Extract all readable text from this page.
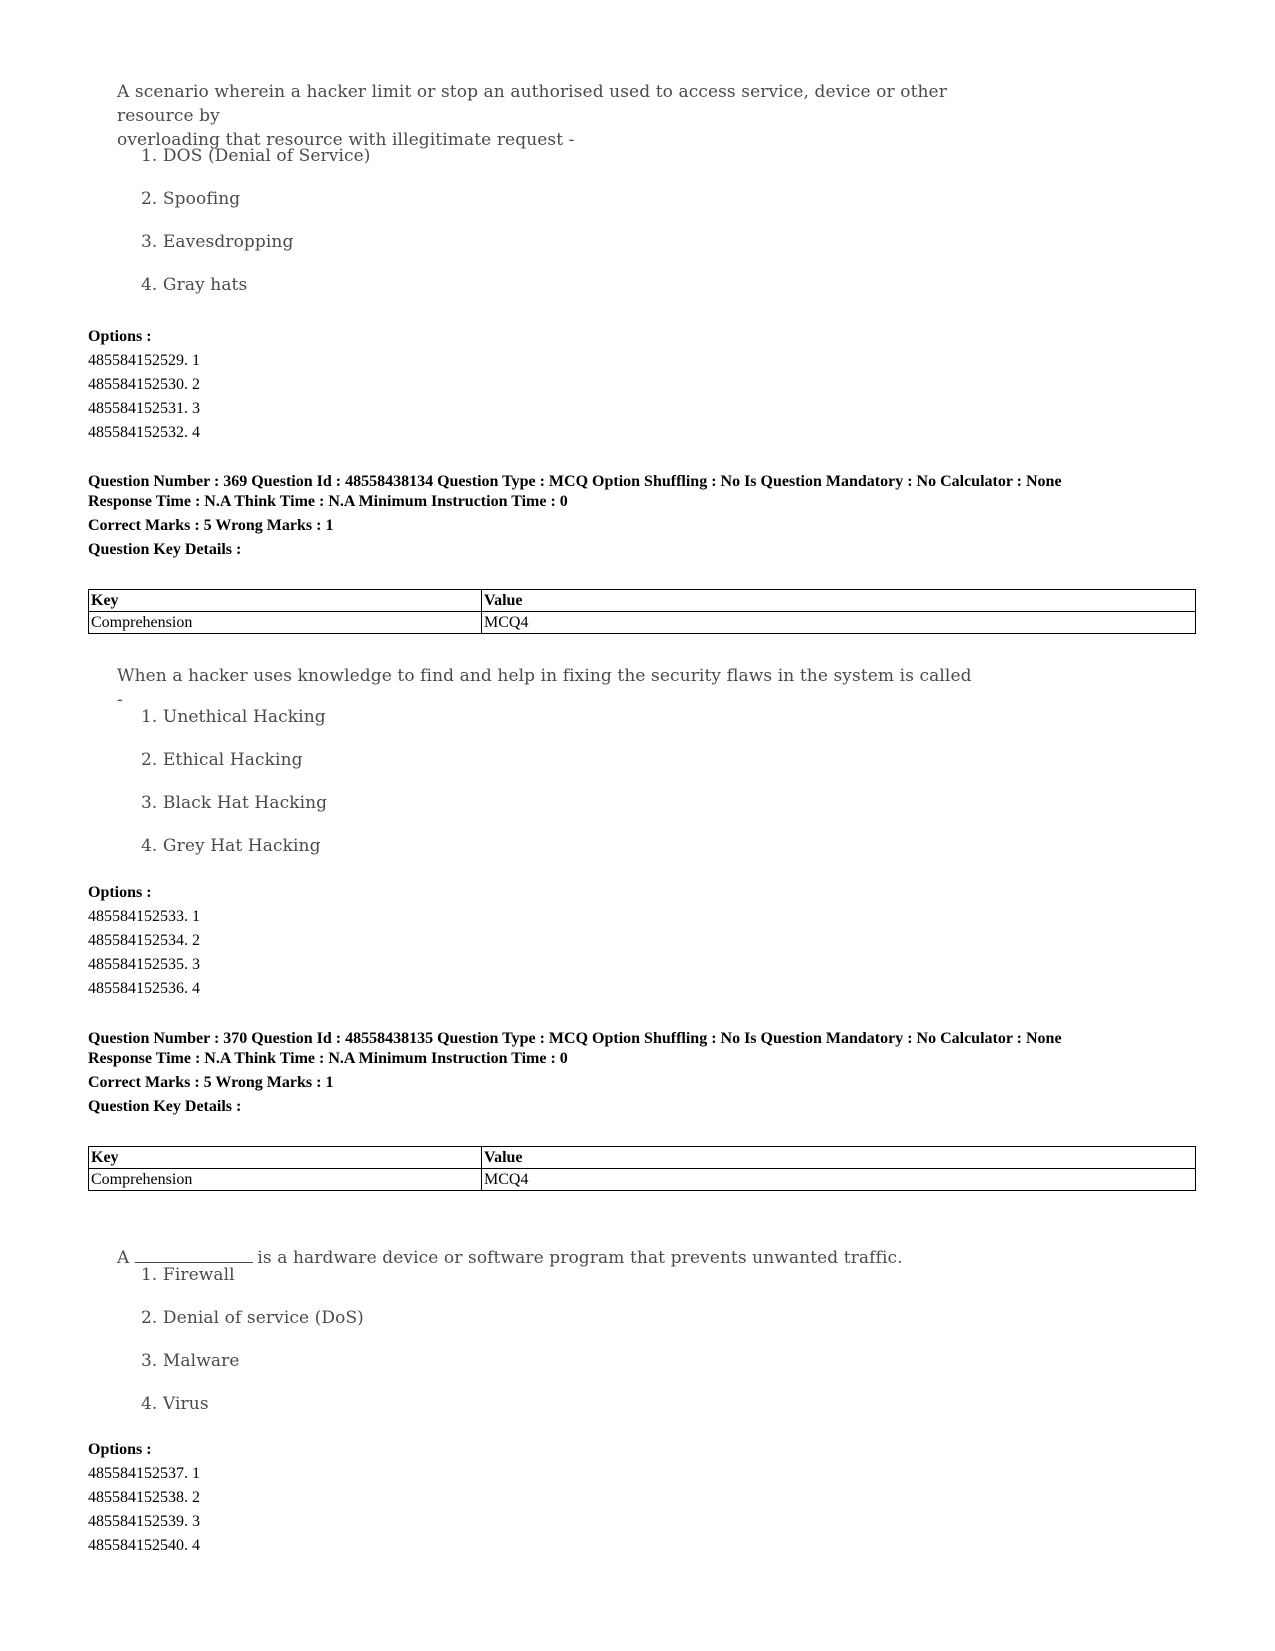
A scenario wherein a hacker limit or stop an authorised used to access service, device or other resource by
overloading that resource with illegitimate request -
1. DOS (Denial of Service)
2. Spoofing
3. Eavesdropping
4. Gray hats
Options :
485584152529. 1
485584152530. 2
485584152531. 3
485584152532. 4
Question Number : 369 Question Id : 48558438134 Question Type : MCQ Option Shuffling : No Is Question Mandatory : No Calculator : None
Response Time : N.A Think Time : N.A Minimum Instruction Time : 0
Correct Marks : 5 Wrong Marks : 1
Question Key Details :
Key	Value
Comprehension	MCQ4
When a hacker uses knowledge to find and help in fixing the security flaws in the system is called -
1. Unethical Hacking
2. Ethical Hacking
3. Black Hat Hacking
4. Grey Hat Hacking
Options :
485584152533. 1
485584152534. 2
485584152535. 3
485584152536. 4
Question Number : 370 Question Id : 48558438135 Question Type : MCQ Option Shuffling : No Is Question Mandatory : No Calculator : None
Response Time : N.A Think Time : N.A Minimum Instruction Time : 0
Correct Marks : 5 Wrong Marks : 1
Question Key Details :
Key	Value
Comprehension	MCQ4

A	is a hardware device or software program that prevents unwanted traffic.

1. Firewall
2. Denial of service (DoS)
3. Malware
4. Virus
Options :
485584152537. 1
485584152538. 2
485584152539. 3
485584152540. 4
